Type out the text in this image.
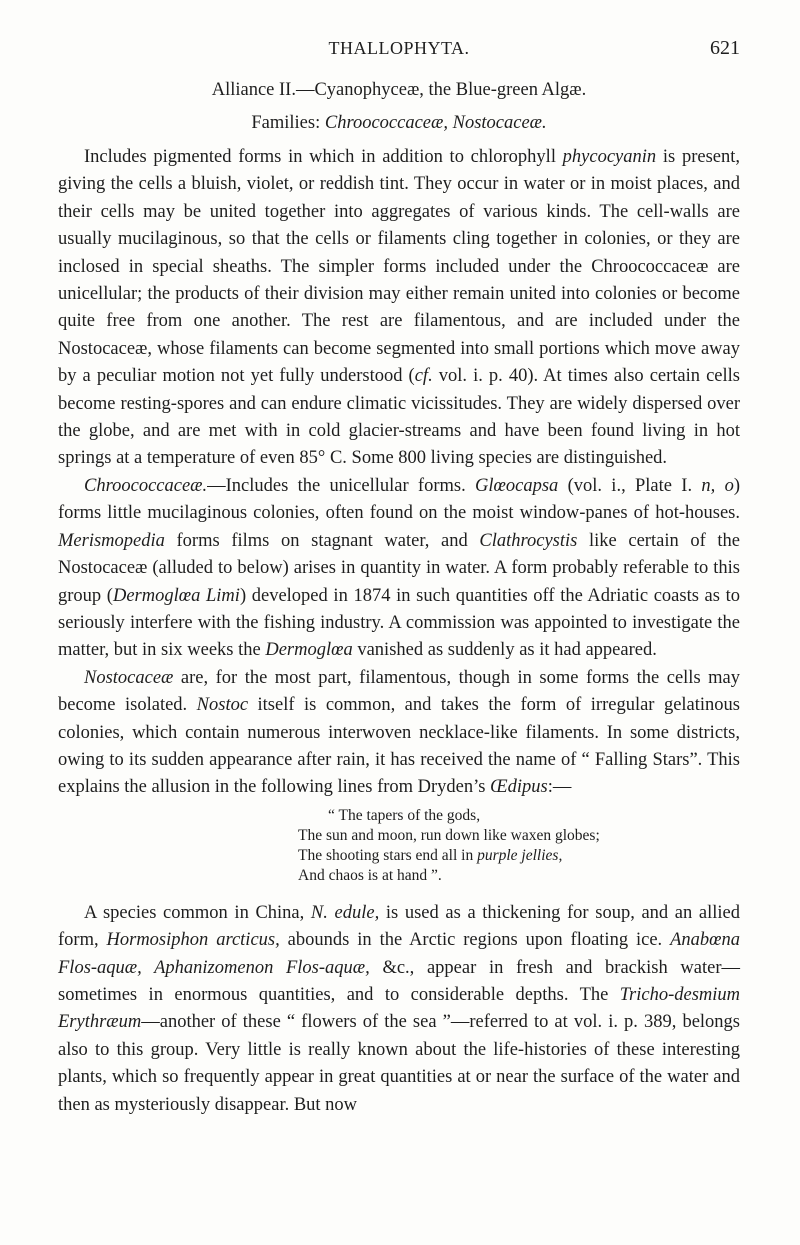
THALLOPHYTA.	621
Alliance II.—Cyanophyceæ, the Blue-green Algæ.
Families: Chroococcaceæ, Nostocaceæ.

Includes pigmented forms in which in addition to chlorophyll phycocyanin is present, giving the cells a bluish, violet, or reddish tint. They occur in water or in moist places, and their cells may be united together into aggregates of various kinds. The cell-walls are usually mucilaginous, so that the cells or filaments cling together in colonies, or they are inclosed in special sheaths. The simpler forms included under the Chroococcaceæ are unicellular; the products of their division may either remain united into colonies or become quite free from one another. The rest are filamentous, and are included under the Nostocaceæ, whose filaments can become segmented into small portions which move away by a peculiar motion not yet fully understood (cf. vol. i. p. 40). At times also certain cells become resting-spores and can endure climatic vicissitudes. They are widely dispersed over the globe, and are met with in cold glacier-streams and have been found living in hot springs at a temperature of even 85° C. Some 800 living species are distinguished.

Chroococcaceæ.—Includes the unicellular forms. Glœocapsa (vol. i., Plate I. n, o) forms little mucilaginous colonies, often found on the moist window-panes of hot-houses. Merismopedia forms films on stagnant water, and Clathrocystis like certain of the Nostocaceæ (alluded to below) arises in quantity in water. A form probably referable to this group (Dermoglœa Limi) developed in 1874 in such quantities off the Adriatic coasts as to seriously interfere with the fishing industry. A commission was appointed to investigate the matter, but in six weeks the Dermoglœa vanished as suddenly as it had appeared.

Nostocaceæ are, for the most part, filamentous, though in some forms the cells may become isolated. Nostoc itself is common, and takes the form of irregular gelatinous colonies, which contain numerous interwoven necklace-like filaments. In some districts, owing to its sudden appearance after rain, it has received the name of “ Falling Stars”. This explains the allusion in the following lines from Dryden’s Œdipus:—

“ The tapers of the gods,
The sun and moon, run down like waxen globes;
The shooting stars end all in purple jellies,
And chaos is at hand ”.

A species common in China, N. edule, is used as a thickening for soup, and an allied form, Hormosiphon arcticus, abounds in the Arctic regions upon floating ice. Anabœna Flos-aquæ, Aphanizomenon Flos-aquæ, &c., appear in fresh and brackish water—sometimes in enormous quantities, and to considerable depths. The Tricho-desmium Erythræum—another of these “ flowers of the sea ”—referred to at vol. i. p. 389, belongs also to this group. Very little is really known about the life-histories of these interesting plants, which so frequently appear in great quantities at or near the surface of the water and then as mysteriously disappear. But now
